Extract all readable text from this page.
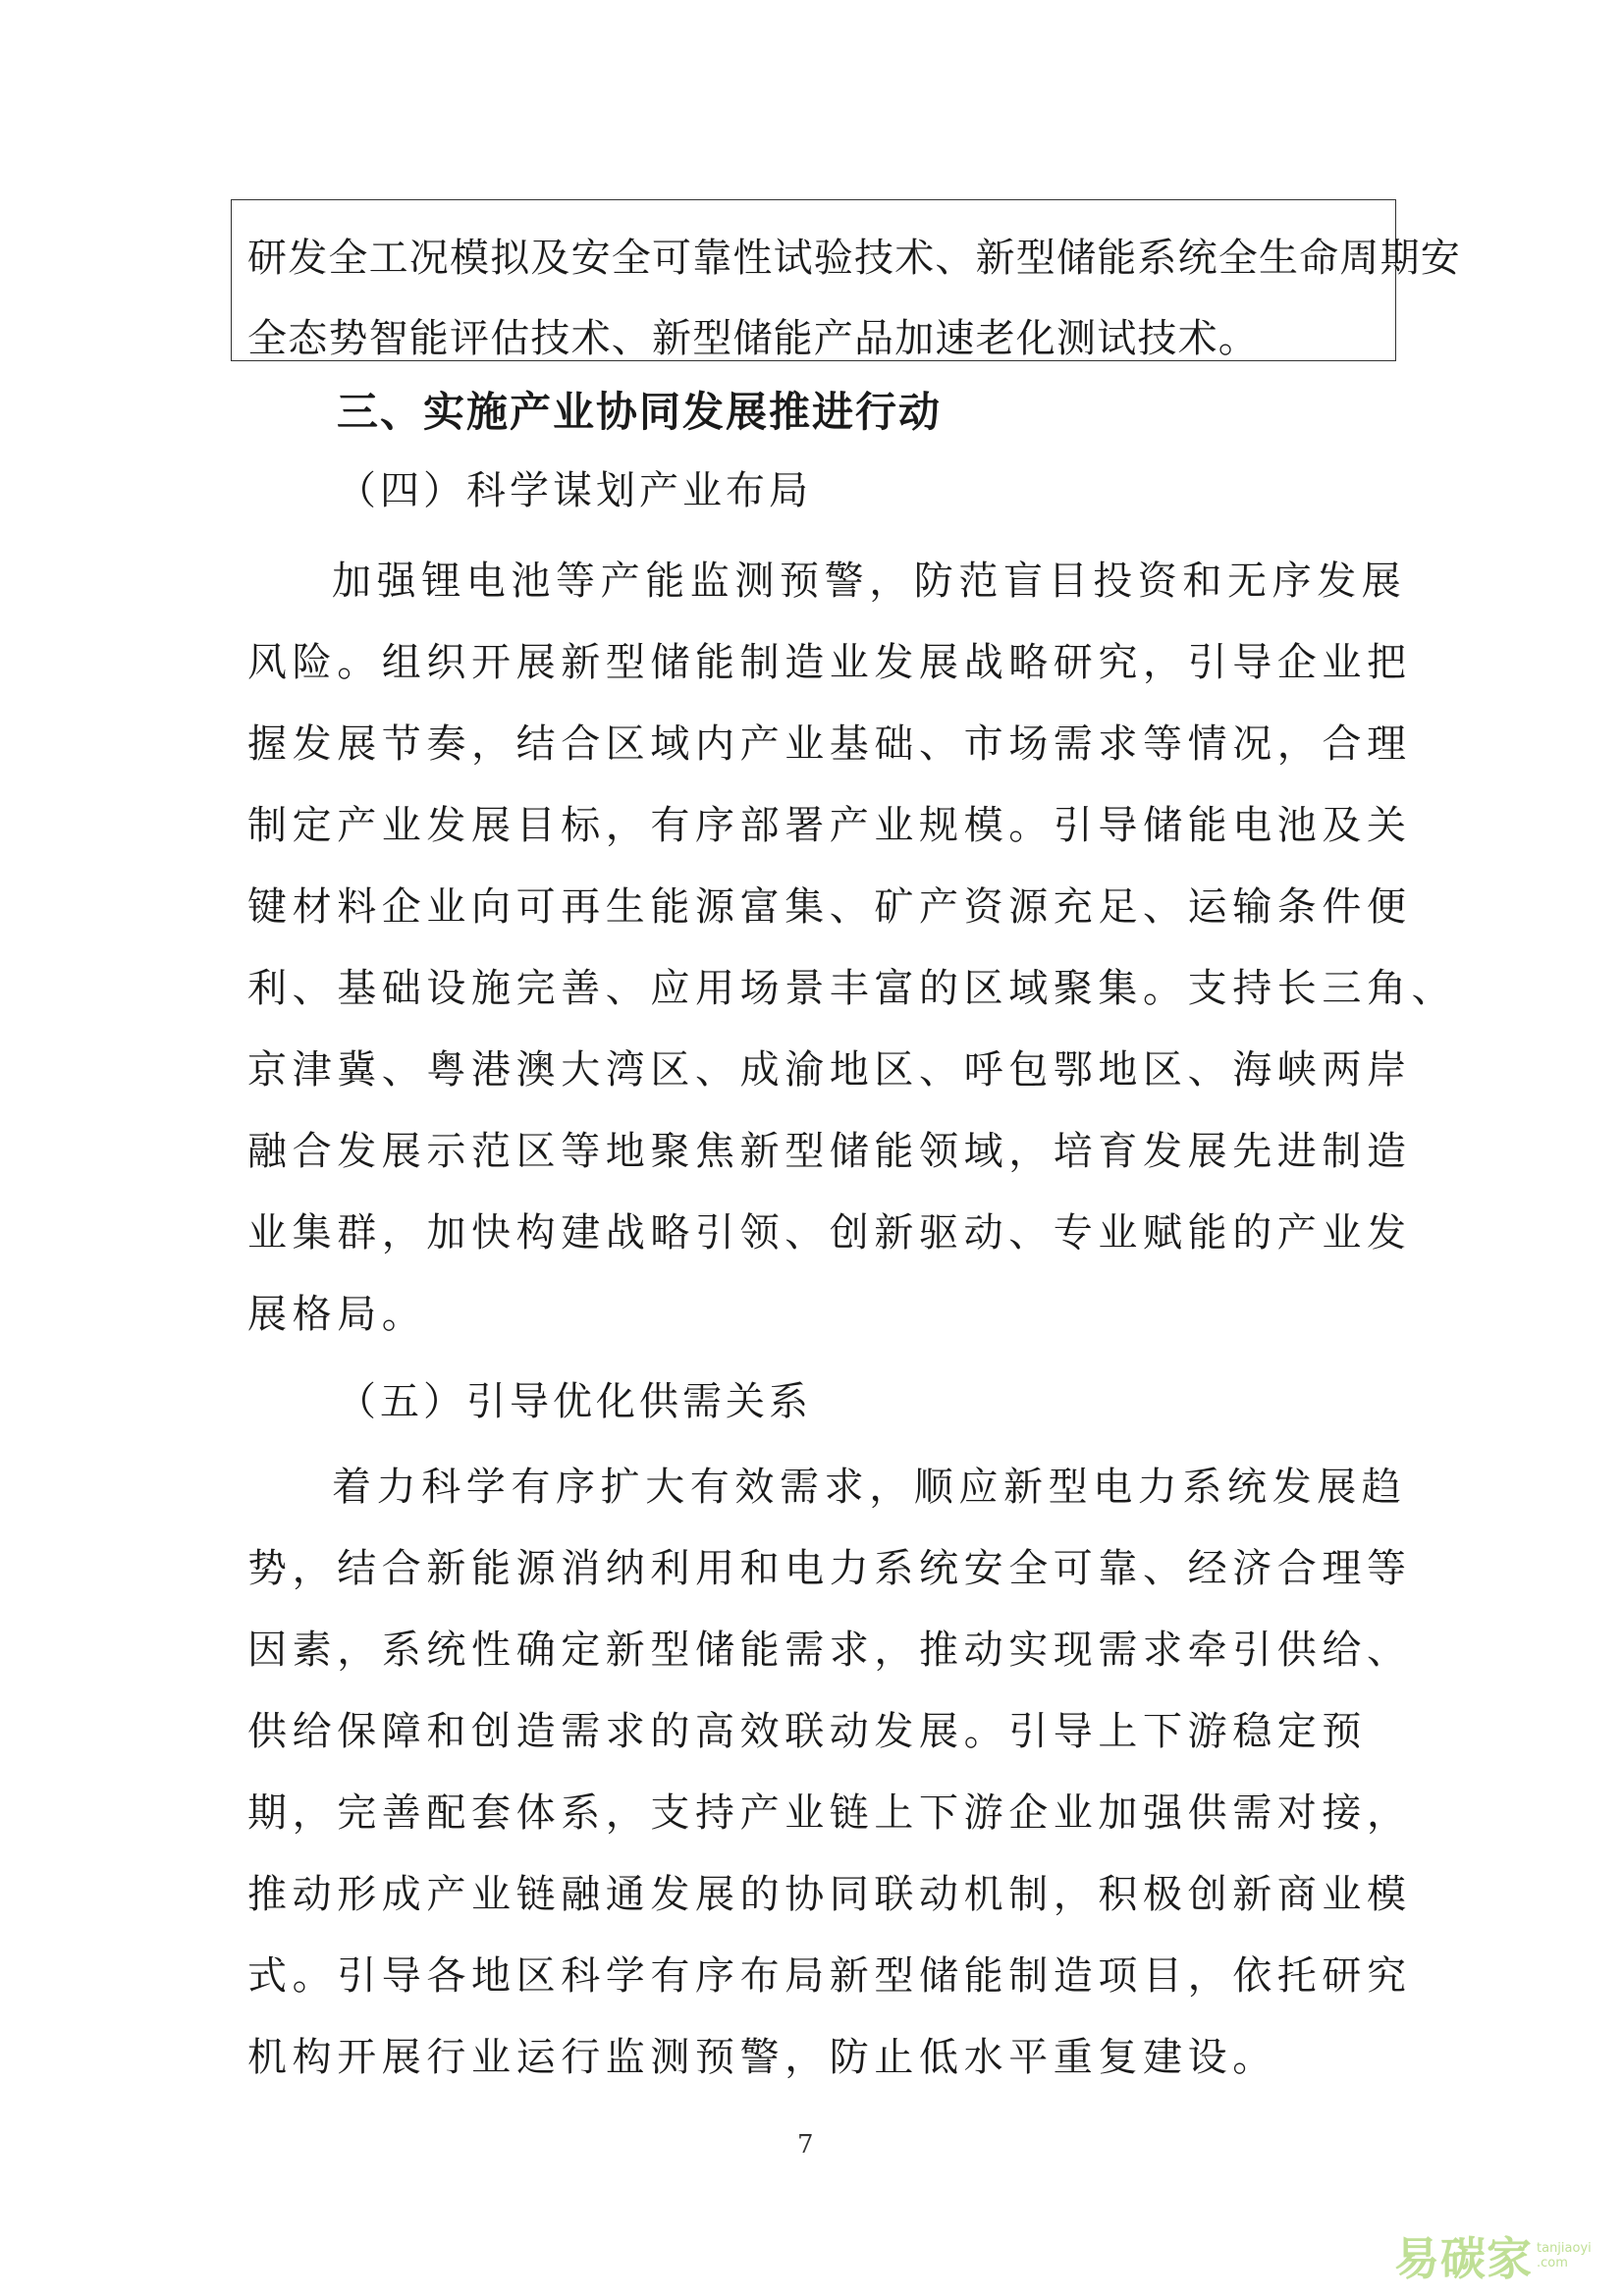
研发全工况模拟及安全可靠性试验技术、新型储能系统全生命周期安
全态势智能评估技术、新型储能产品加速老化测试技术。
三、实施产业协同发展推进行动
（四）科学谋划产业布局
加强锂电池等产能监测预警，防范盲目投资和无序发展
风险。组织开展新型储能制造业发展战略研究，引导企业把
握发展节奏，结合区域内产业基础、市场需求等情况，合理
制定产业发展目标，有序部署产业规模。引导储能电池及关
键材料企业向可再生能源富集、矿产资源充足、运输条件便
利、基础设施完善、应用场景丰富的区域聚集。支持长三角、
京津冀、粤港澳大湾区、成渝地区、呼包鄂地区、海峡两岸
融合发展示范区等地聚焦新型储能领域，培育发展先进制造
业集群，加快构建战略引领、创新驱动、专业赋能的产业发
展格局。
（五）引导优化供需关系
着力科学有序扩大有效需求，顺应新型电力系统发展趋
势，结合新能源消纳利用和电力系统安全可靠、经济合理等
因素，系统性确定新型储能需求，推动实现需求牵引供给、
供给保障和创造需求的高效联动发展。引导上下游稳定预
期，完善配套体系，支持产业链上下游企业加强供需对接，
推动形成产业链融通发展的协同联动机制，积极创新商业模
式。引导各地区科学有序布局新型储能制造项目，依托研究
机构开展行业运行监测预警，防止低水平重复建设。
7
易碳家 tanjiaoyi
.com
